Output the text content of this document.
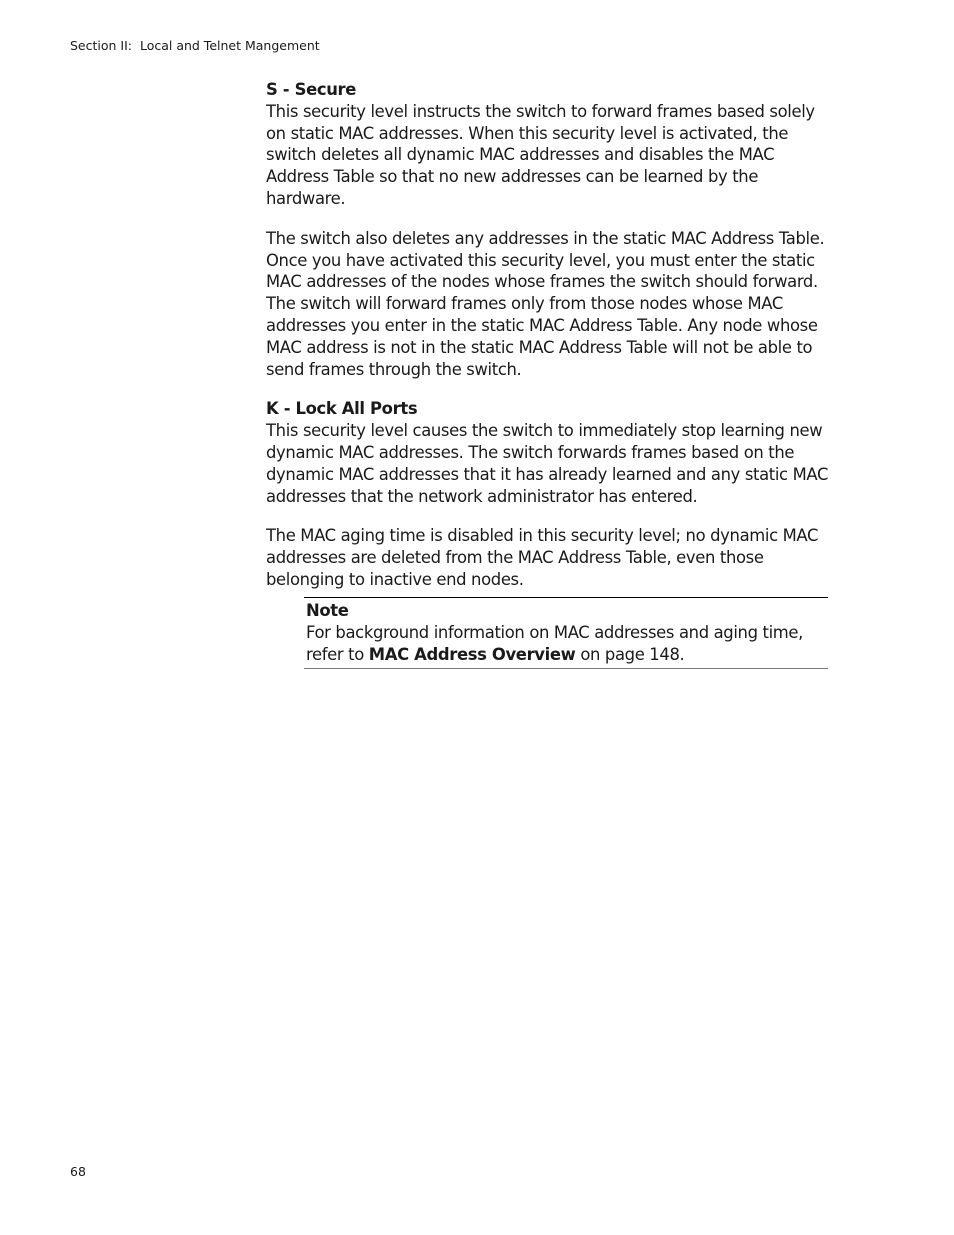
Section II:  Local and Telnet Mangement

S - Secure

This security level instructs the switch to forward frames based solely on static MAC addresses. When this security level is activated, the switch deletes all dynamic MAC addresses and disables the MAC Address Table so that no new addresses can be learned by the hardware.

The switch also deletes any addresses in the static MAC Address Table. Once you have activated this security level, you must enter the static MAC addresses of the nodes whose frames the switch should forward. The switch will forward frames only from those nodes whose MAC addresses you enter in the static MAC Address Table. Any node whose MAC address is not in the static MAC Address Table will not be able to send frames through the switch.

K - Lock All Ports

This security level causes the switch to immediately stop learning new dynamic MAC addresses. The switch forwards frames based on the dynamic MAC addresses that it has already learned and any static MAC addresses that the network administrator has entered.

The MAC aging time is disabled in this security level; no dynamic MAC addresses are deleted from the MAC Address Table, even those belonging to inactive end nodes.

Note
For background information on MAC addresses and aging time, refer to MAC Address Overview on page 148.
68
